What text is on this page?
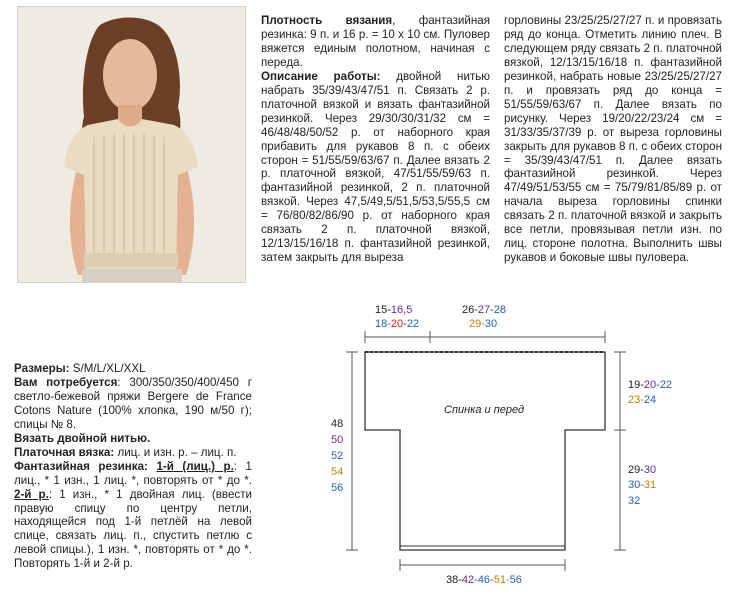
Плотность вязания, фантазийная резинка: 9 п. и 16 р. = 10 х 10 см. Пуловер вяжется единым полотном, начиная с переда.

Описание работы: двойной нитью набрать 35/39/43/47/51 п. Связать 2 р. платочной вязкой и вязать фантазийной резинкой. Через 29/30/30/31/32 см = 46/48/48/50/52 р. от наборного края прибавить для рукавов 8 п. с обеих сторон = 51/55/59/63/67 п. Далее вязать 2 р. платочной вязкой, 47/51/55/59/63 п. фантазийной резинкой, 2 п. платочной вязкой. Через 47,5/49,5/51,5/53,5/55,5 см = 76/80/82/86/90 р. от наборного края связать 2 п. платочной вязкой, 12/13/15/16/18 п. фантазийной резинкой, затем закрыть для выреза

горловины 23/25/25/27/27 п. и провязать ряд до конца. Отметить линию плеч. В следующем ряду связать 2 п. платочной вязкой, 12/13/15/16/18 п. фантазийной резинкой, набрать новые 23/25/25/27/27 п. и провязать ряд до конца = 51/55/59/63/67 п. Далее вязать по рисунку. Через 19/20/22/23/24 см = 31/33/35/37/39 р. от выреза горловины закрыть для рукавов 8 п. с обеих сторон = 35/39/43/47/51 п. Далее вязать фантазийной резинкой. Через 47/49/51/53/55 см = 75/79/81/85/89 р. от начала выреза горловины спинки связать 2 п. платочной вязкой и закрыть все петли, провязывая петли изн. по лиц. стороне полотна. Выполнить швы рукавов и боковые швы пуловера.

Размеры: S/M/L/XL/XXL

Вам потребуется: 300/350/350/400/450 г светло-бежевой пряжи Bergere de France Cotons Nature (100% хлопка, 190 м/50 г); спицы № 8.

Вязать двойной нитью.

Платочная вязка: лиц. и изн. р. – лиц. п.

Фантазийная резинка: 1-й (лиц.) р.: 1 лиц., * 1 изн., 1 лиц. *, повторять от * до *. 2-й р.: 1 изн., * 1 двойная лиц. (ввести правую спицу по центру петли, находящейся под 1-й петлёй на левой спице, связать лиц. п., спустить петлю с левой спицы.), 1 изн. *, повторять от * до *. Повторять 1-й и 2-й р.

Спинка и перед
15-16,5
18-20-22
26-27-28
29-30
48
50
52
54
56
19-20-22
23-24
29-30
30-31
32
38-42-46-51-56
